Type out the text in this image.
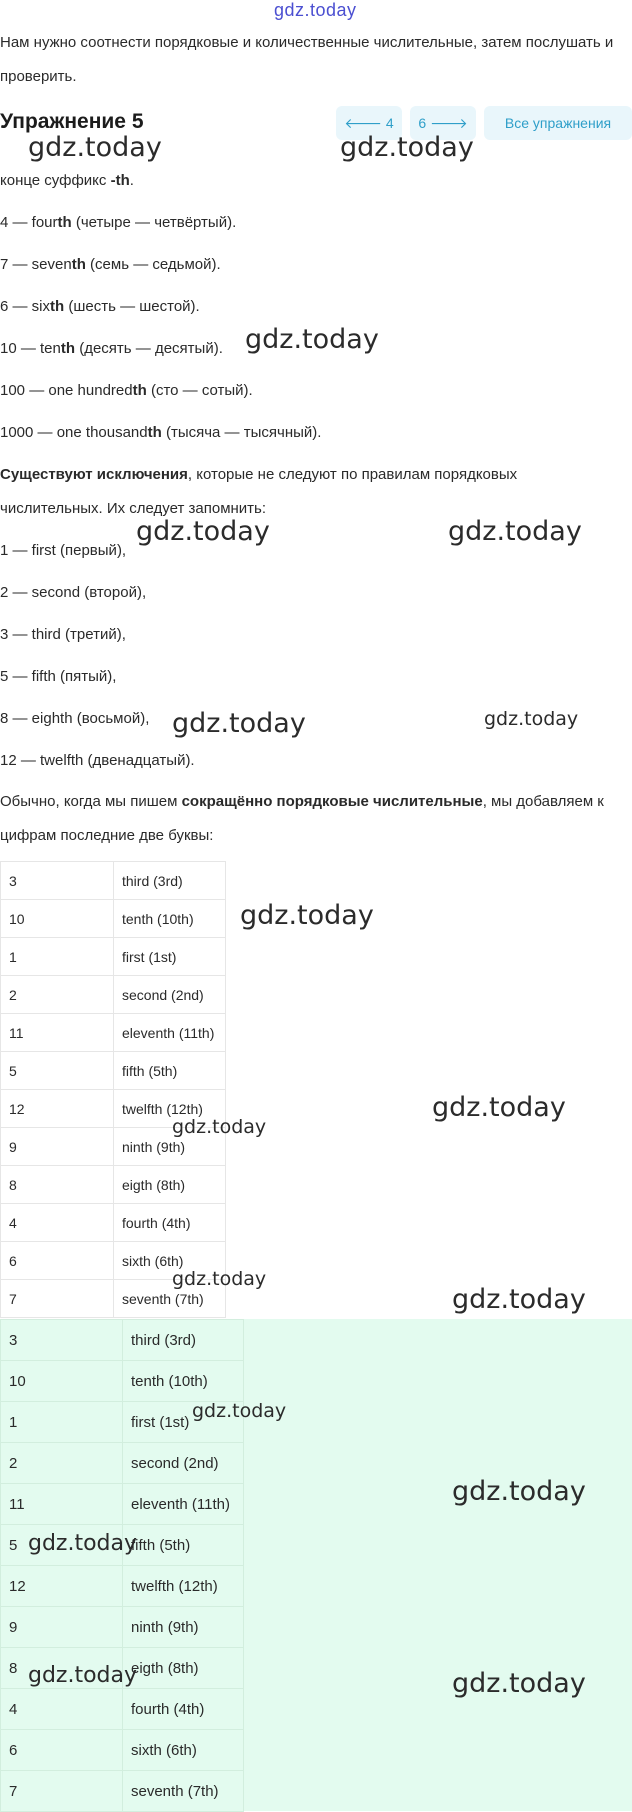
gdz.today
Нам нужно соотнести порядковые и количественные числительные, затем послушать и проверить.
Упражнение 5	🡐 4	6 🡒	Все упражнения
конце суффикс -th.
4 — fourth (четыре — четвёртый).
7 — seventh (семь — седьмой).
6 — sixth (шесть — шестой).
10 — tenth (десять — десятый).
100 — one hundredth (сто — сотый).
1000 — one thousandth (тысяча — тысячный).
Существуют исключения, которые не следуют по правилам порядковых числительных. Их следует запомнить:
1 — first (первый),
2 — second (второй),
3 — third (третий),
5 — fifth (пятый),
8 — eighth (восьмой),
12 — twelfth (двенадцатый).
Обычно, когда мы пишем сокращённо порядковые числительные, мы добавляем к цифрам последние две буквы:
3	third (3rd)
10	tenth (10th)
1	first (1st)
2	second (2nd)
11	eleventh (11th)
5	fifth (5th)
12	twelfth (12th)
9	ninth (9th)
8	eigth (8th)
4	fourth (4th)
6	sixth (6th)
7	seventh (7th)
3	third (3rd)
10	tenth (10th)
1	first (1st)
2	second (2nd)
11	eleventh (11th)
5	fifth (5th)
12	twelfth (12th)
9	ninth (9th)
8	eigth (8th)
4	fourth (4th)
6	sixth (6th)
7	seventh (7th)
gdz.today	gdz.today
gdz.today
gdz.today	gdz.today
gdz.today	gdz.today
gdz.today
gdz.today
gdz.today
gdz.today
gdz.today
gdz.today
gdz.today
gdz.today
gdz.today	gdz.today
